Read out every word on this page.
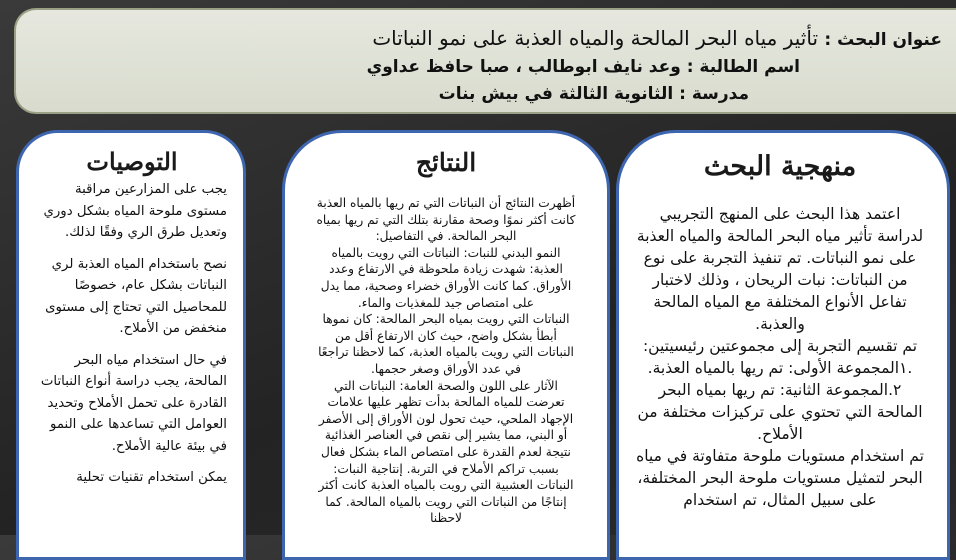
عنوان البحث : تأثير مياه البحر المالحة والمياه العذبة على نمو النباتات
اسم الطالبة : وعد نايف ابوطالب ، صبا حافظ عداوي
مدرسة : الثانوية الثالثة في بيش بنات
منهجية البحث

اعتمد هذا البحث على المنهج التجريبي لدراسة تأثير مياه البحر المالحة والمياه العذبة على نمو النباتات. تم تنفيذ التجربة على نوع من النباتات: نبات الريحان ، وذلك لاختبار تفاعل الأنواع المختلفة مع المياه المالحة والعذبة.

تم تقسيم التجربة إلى مجموعتين رئيسيتين:

.١المجموعة الأولى: تم ريها بالمياه العذبة.

٢.المجموعة الثانية: تم ريها بمياه البحر المالحة التي تحتوي على تركيزات مختلفة من الأملاح.

تم استخدام مستويات ملوحة متفاوتة في مياه البحر لتمثيل مستويات ملوحة البحر المختلفة، على سبيل المثال، تم استخدام

النتائج

أظهرت النتائج أن النباتات التي تم ريها بالمياه العذبة كانت أكثر نموًا وصحة مقارنة بتلك التي تم ريها بمياه البحر المالحة. في التفاصيل:

النمو البدني للنبات: النباتات التي رويت بالمياه العذبة: شهدت زيادة ملحوظة في الارتفاع وعدد الأوراق. كما كانت الأوراق خضراء وصحية، مما يدل على امتصاص جيد للمغذيات والماء.

النباتات التي رويت بمياه البحر المالحة: كان نموها أبطأ بشكل واضح، حيث كان الارتفاع أقل من النباتات التي رويت بالمياه العذبة، كما لاحظنا تراجعًا في عدد الأوراق وصغر حجمها.

الآثار على اللون والصحة العامة: النباتات التي تعرضت للمياه المالحة بدأت تظهر عليها علامات الإجهاد الملحي، حيث تحول لون الأوراق إلى الأصفر أو البني، مما يشير إلى نقص في العناصر الغذائية نتيجة لعدم القدرة على امتصاص الماء بشكل فعال بسبب تراكم الأملاح في التربة. إنتاجية النبات: النباتات العشبية التي رويت بالمياه العذبة كانت أكثر إنتاجًا من النباتات التي رويت بالمياه المالحة. كما لاحظنا

التوصيات

يجب على المزارعين مراقبة مستوى ملوحة المياه بشكل دوري وتعديل طرق الري وفقًا لذلك.

نصح باستخدام المياه العذبة لري النباتات بشكل عام، خصوصًا للمحاصيل التي تحتاج إلى مستوى منخفض من الأملاح.

في حال استخدام مياه البحر المالحة، يجب دراسة أنواع النباتات القادرة على تحمل الأملاح وتحديد العوامل التي تساعدها على النمو في بيئة عالية الأملاح.

يمكن استخدام تقنيات تحلية
